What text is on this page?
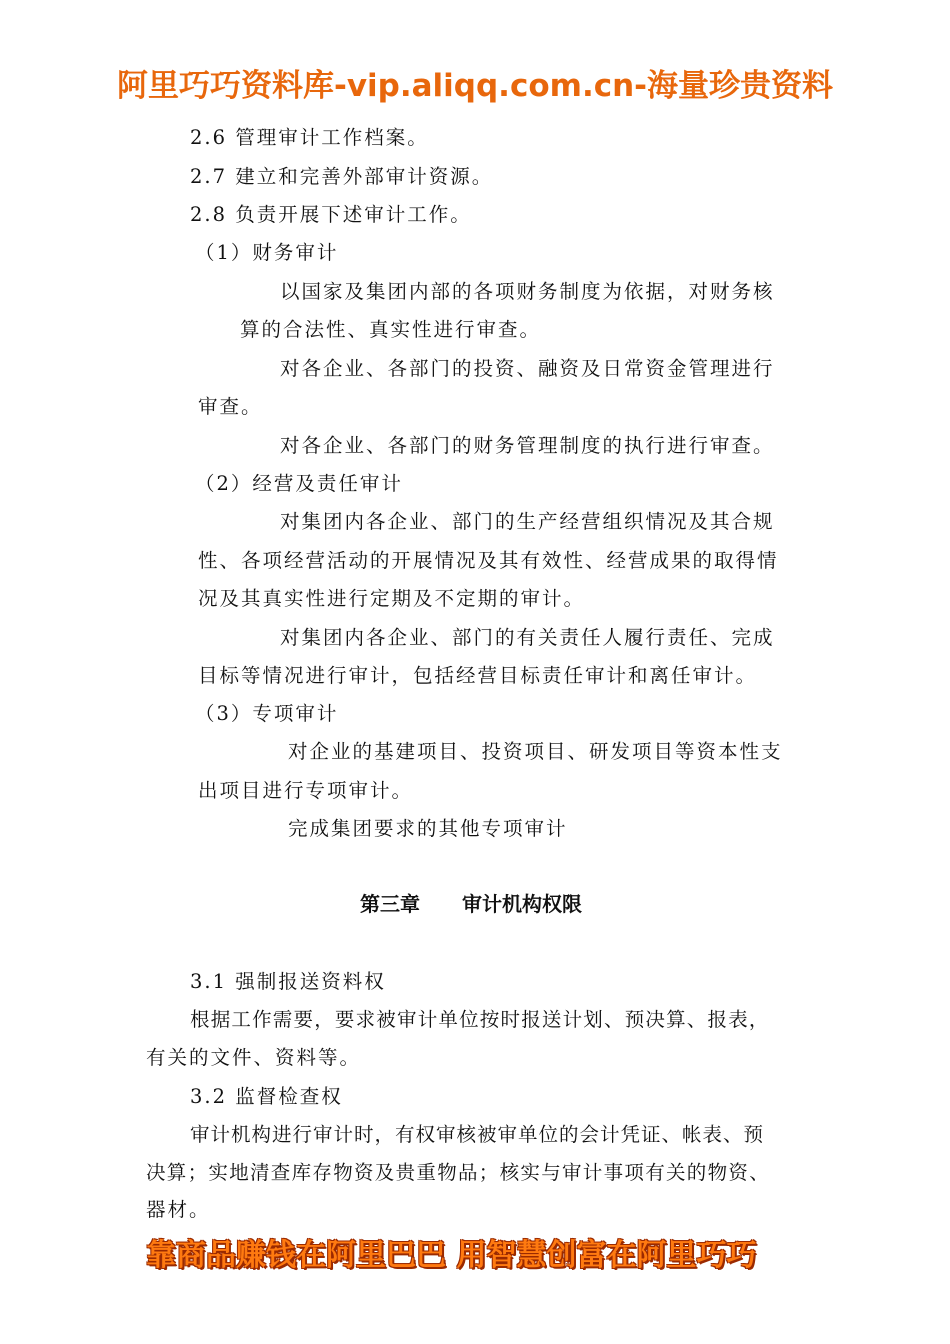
阿里巧巧资料库-vip.aliqq.com.cn-海量珍贵资料
2.6 管理审计工作档案。
2.7 建立和完善外部审计资源。
2.8 负责开展下述审计工作。
（1）财务审计
以国家及集团内部的各项财务制度为依据，对财务核
算的合法性、真实性进行审查。
对各企业、各部门的投资、融资及日常资金管理进行
审查。
对各企业、各部门的财务管理制度的执行进行审查。
（2）经营及责任审计
对集团内各企业、部门的生产经营组织情况及其合规
性、各项经营活动的开展情况及其有效性、经营成果的取得情
况及其真实性进行定期及不定期的审计。
对集团内各企业、部门的有关责任人履行责任、完成
目标等情况进行审计，包括经营目标责任审计和离任审计。
（3）专项审计
对企业的基建项目、投资项目、研发项目等资本性支
出项目进行专项审计。
完成集团要求的其他专项审计
第三章 审计机构权限
3.1 强制报送资料权
根据工作需要，要求被审计单位按时报送计划、预决算、报表，
有关的文件、资料等。
3.2 监督检查权
审计机构进行审计时，有权审核被审单位的会计凭证、帐表、预
决算；实地清查库存物资及贵重物品；核实与审计事项有关的物资、
器材。
靠商品赚钱在阿里巴巴 用智慧创富在阿里巧巧
